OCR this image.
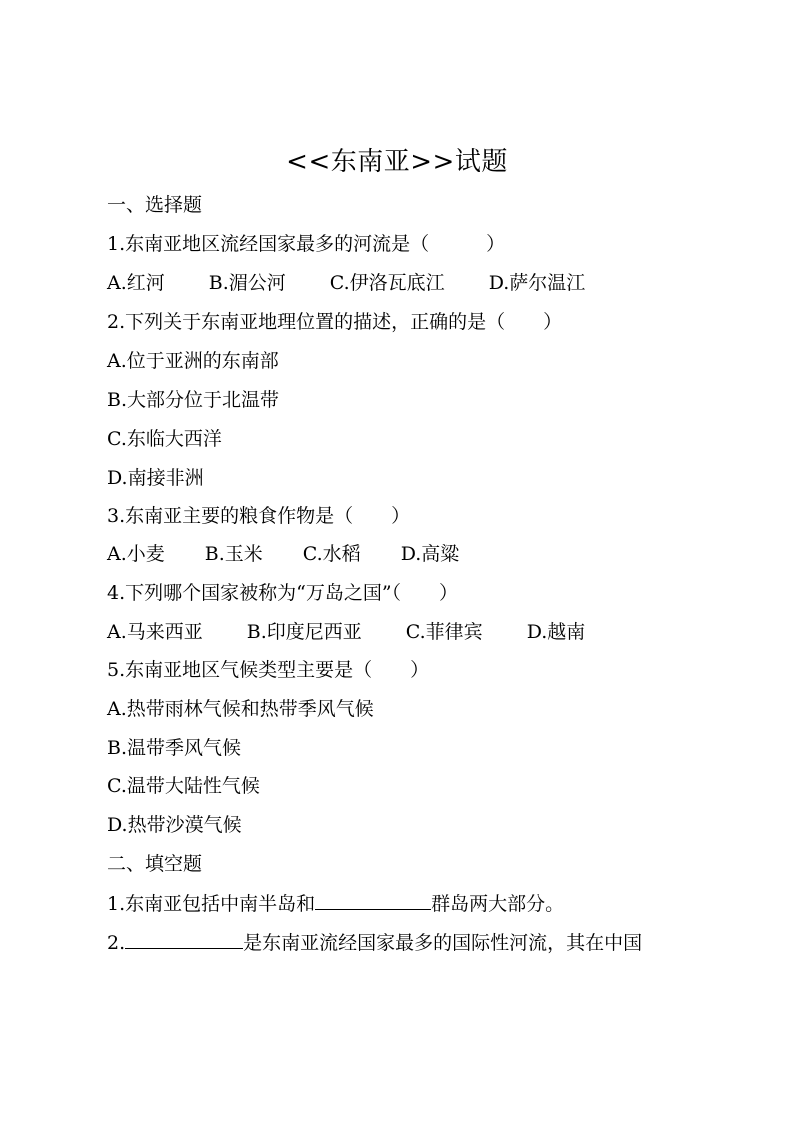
<<东南亚>>试题
一、选择题
1.东南亚地区流经国家最多的河流是（　　　）
A.红河 B.湄公河 C.伊洛瓦底江 D.萨尔温江
2.下列关于东南亚地理位置的描述，正确的是（　　）
A.位于亚洲的东南部
B.大部分位于北温带
C.东临大西洋
D.南接非洲
3.东南亚主要的粮食作物是（　　）
A.小麦 B.玉米 C.水稻 D.高粱
4.下列哪个国家被称为“万岛之国”（　　）
A.马来西亚 B.印度尼西亚 C.菲律宾 D.越南
5.东南亚地区气候类型主要是（　　）
A.热带雨林气候和热带季风气候
B.温带季风气候
C.温带大陆性气候
D.热带沙漠气候
二、填空题
1.东南亚包括中南半岛和	群岛两大部分。
2.	是东南亚流经国家最多的国际性河流，其在中国
